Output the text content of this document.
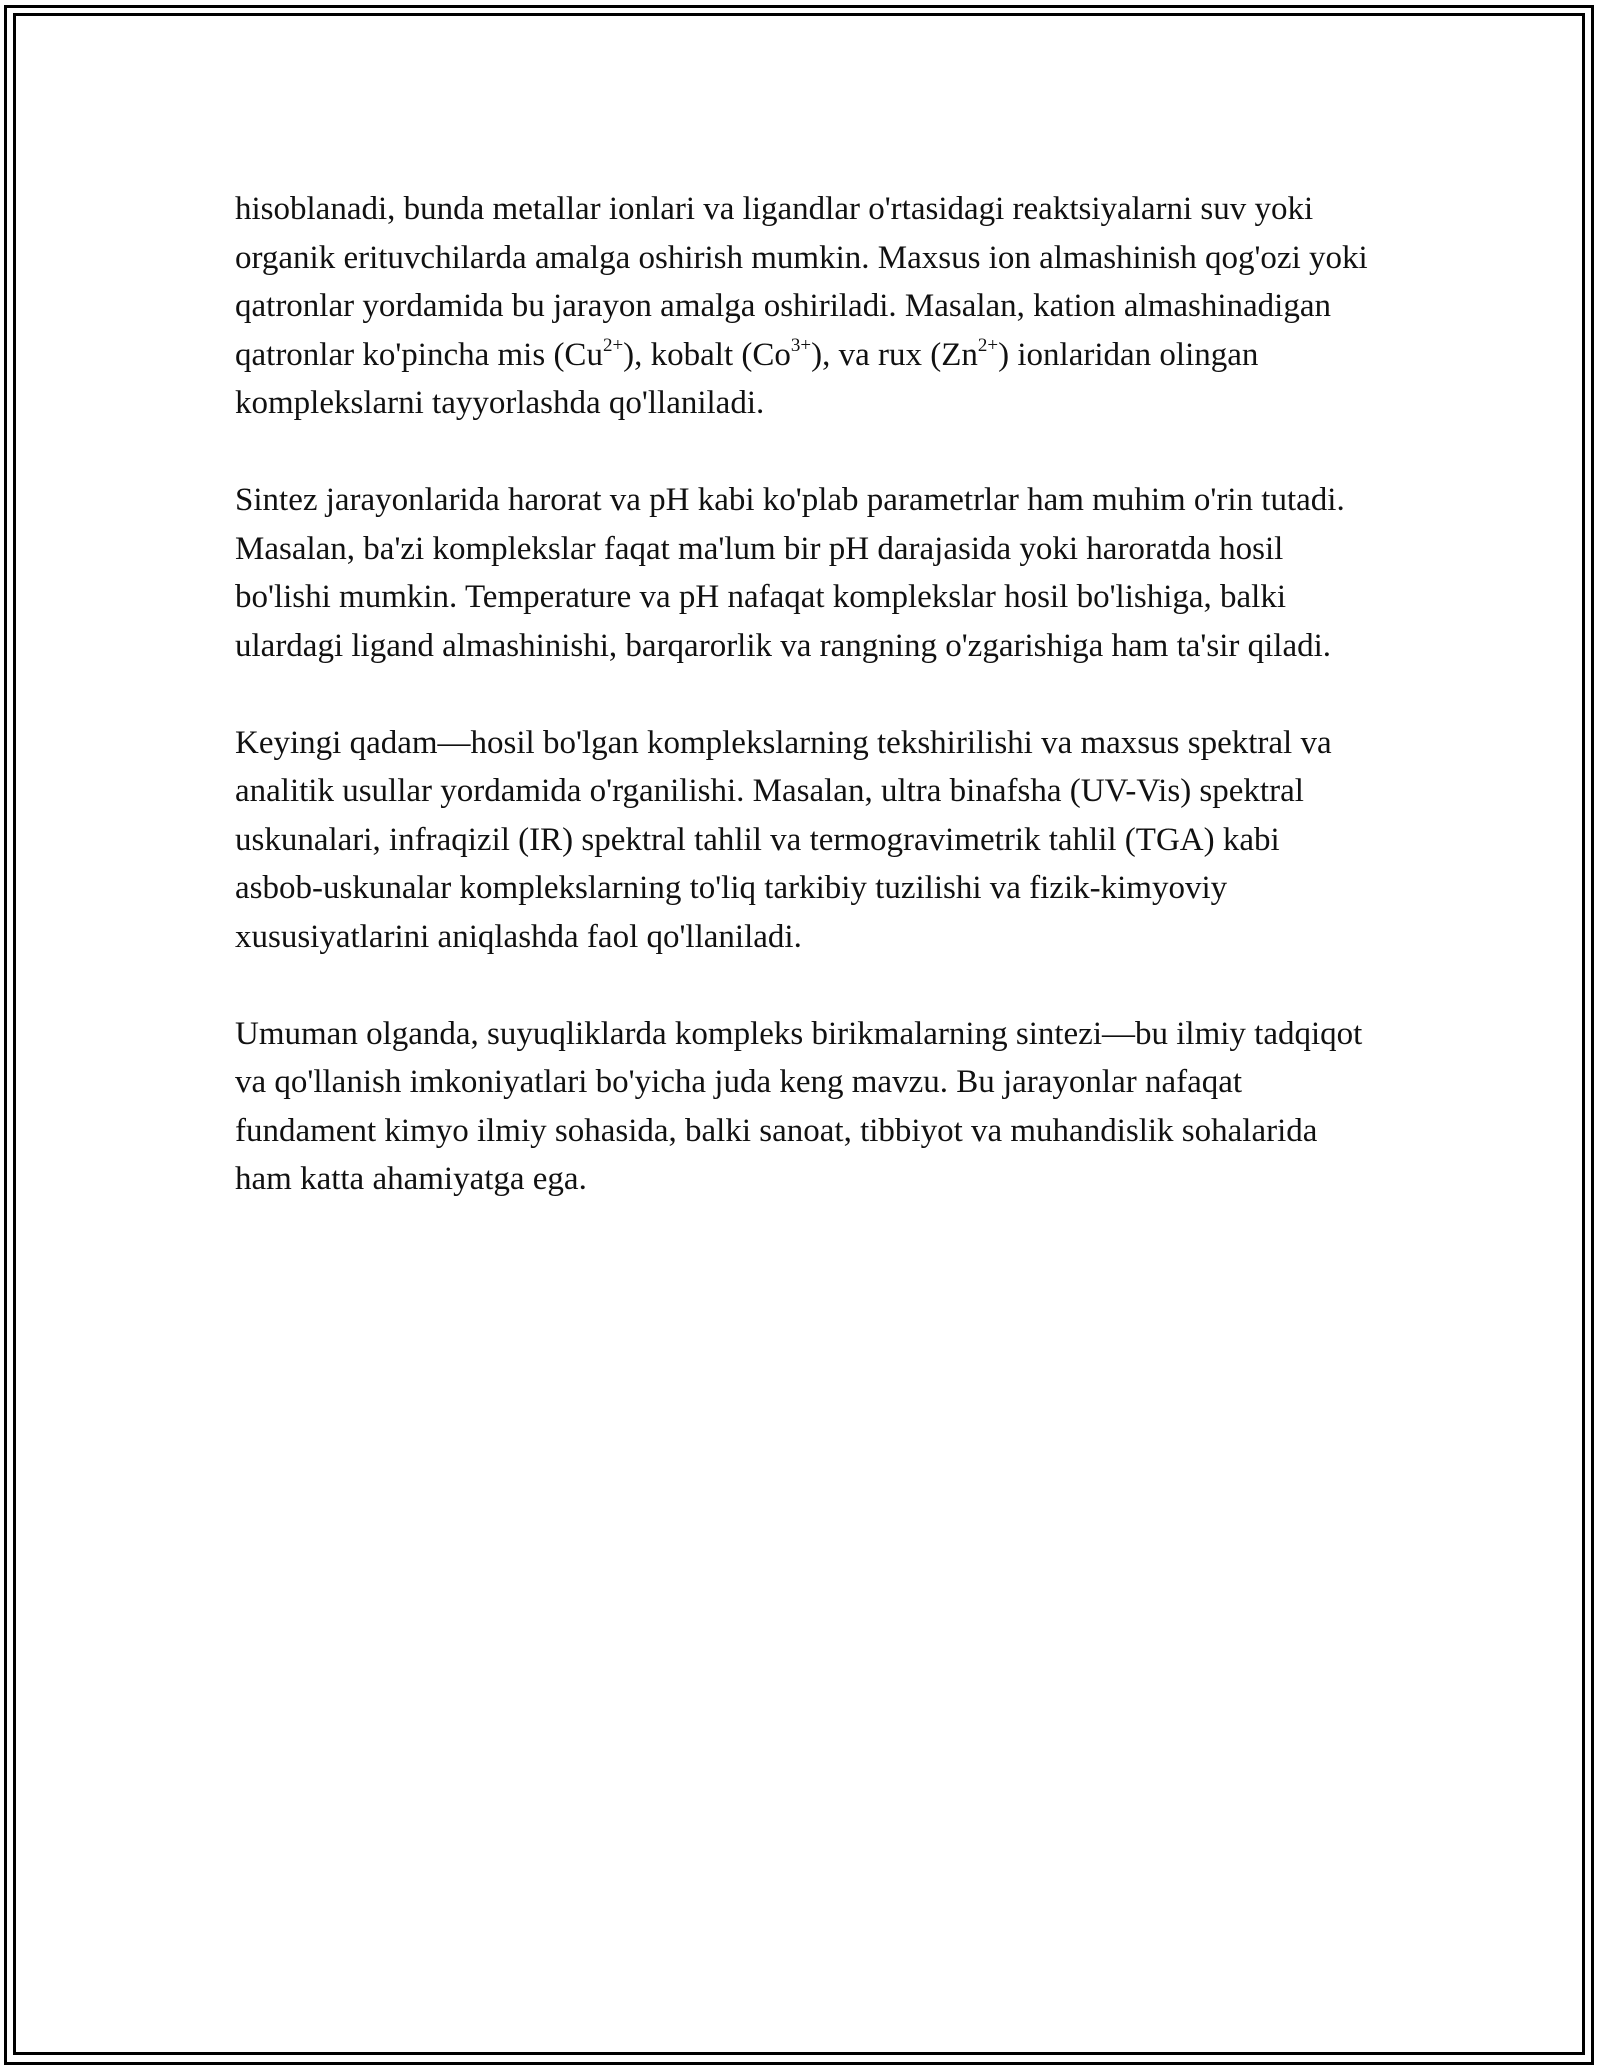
hisoblanadi, bunda metallar ionlari va ligandlar o'rtasidagi reaktsiyalarni suv yoki organik erituvchilarda amalga oshirish mumkin. Maxsus ion almashinish qog'ozi yoki qatronlar yordamida bu jarayon amalga oshiriladi. Masalan, kation almashinadigan qatronlar ko'pincha mis $(Cu^{2+})$, kobalt $(Co^{3+})$, va rux $(Zn^{2+})$ ionlaridan olingan komplekslarni tayyorlashda qo'llaniladi.

Sintez jarayonlarida harorat va pH kabi ko'plab parametrlar ham muhim o'rin tutadi. Masalan, ba'zi komplekslar faqat ma'lum bir pH darajasida yoki haroratda hosil bo'lishi mumkin. Temperature va pH nafaqat komplekslar hosil bo'lishiga, balki ulardagi ligand almashinishi, barqarorlik va rangning o'zgarishiga ham ta'sir qiladi.

Keyingi qadam—hosil bo'lgan komplekslarning tekshirilishi va maxsus spektral va analitik usullar yordamida o'rganilishi. Masalan, ultra binafsha (UV-Vis) spektral uskunalari, infraqizil (IR) spektral tahlil va termogravimetrik tahlil (TGA) kabi asbob-uskunalar komplekslarning to'liq tarkibiy tuzilishi va fizik-kimyoviy xususiyatlarini aniqlashda faol qo'llaniladi.

Umuman olganda, suyuqliklarda kompleks birikmalarning sintezi—bu ilmiy tadqiqot va qo'llanish imkoniyatlari bo'yicha juda keng mavzu. Bu jarayonlar nafaqat fundament kimyo ilmiy sohasida, balki sanoat, tibbiyot va muhandislik sohalarida ham katta ahamiyatga ega.
